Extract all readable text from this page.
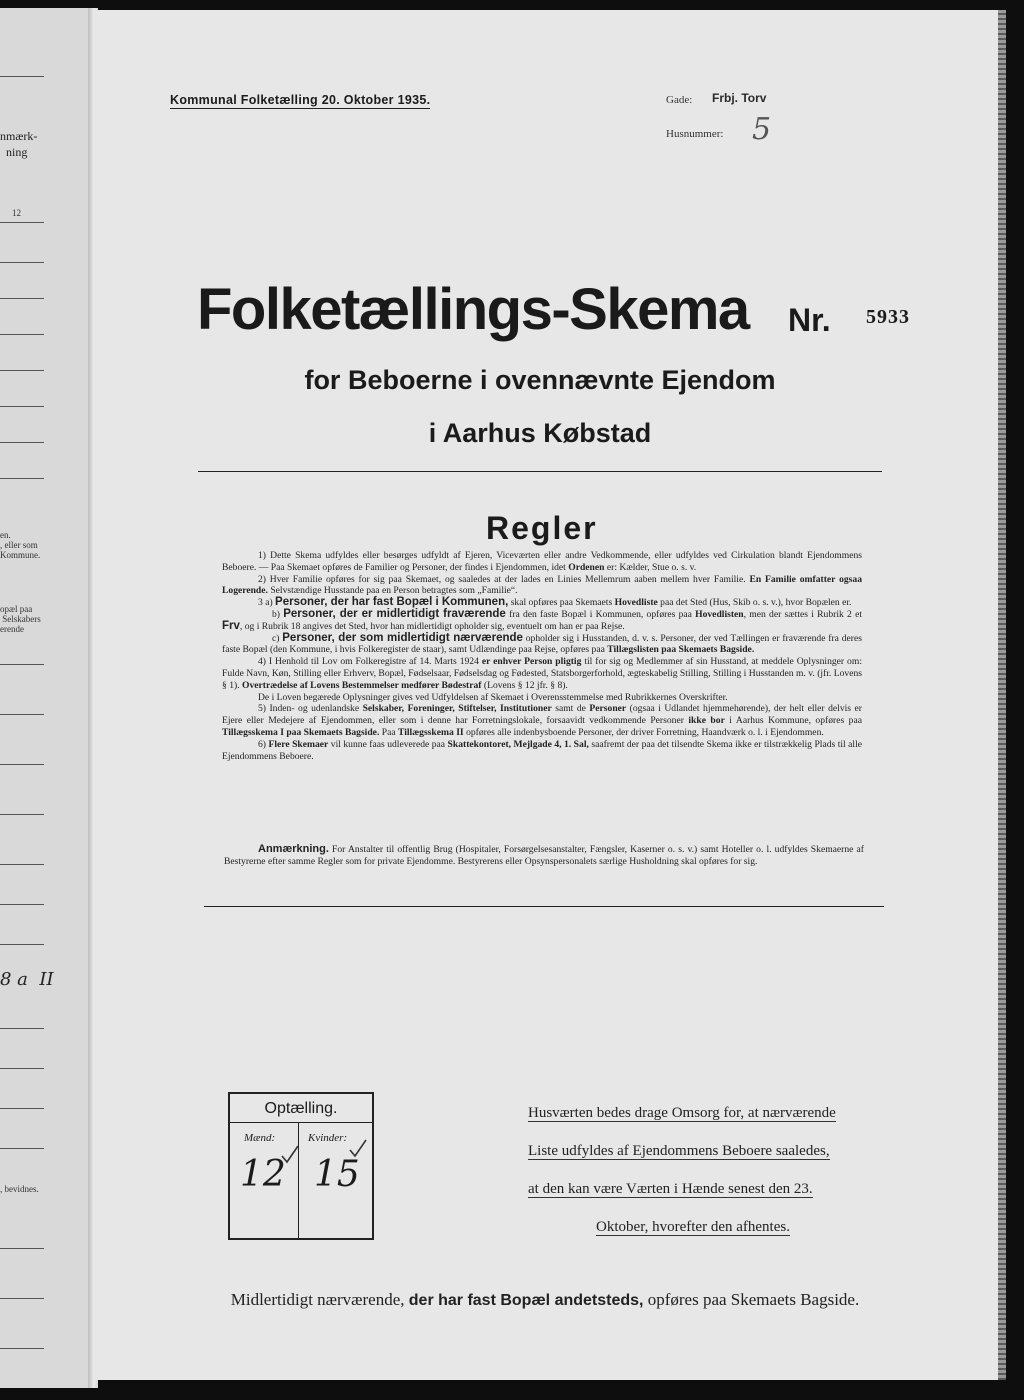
nmærk-
ning
12
en.
, eller som
Kommune.
opæl paa
Selskabers
erende
8 a  II
, bevidnes.
Kommunal Folketælling 20. Oktober 1935.	Gade: Frbj. Torv
Husnummer: 5
Folketællings-Skema Nr. 5933
for Beboerne i ovennævnte Ejendom
i Aarhus Købstad
Regler

1) Dette Skema udfyldes eller besørges udfyldt af Ejeren, Viceværten eller andre Vedkommende, eller udfyldes ved Cirkulation blandt Ejendommens Beboere. — Paa Skemaet opføres de Familier og Personer, der findes i Ejendommen, idet Ordenen er: Kælder, Stue o. s. v.

2) Hver Familie opføres for sig paa Skemaet, og saaledes at der lades en Linies Mellemrum aaben mellem hver Familie. En Familie omfatter ogsaa Logerende. Selvstændige Husstande paa en Person betragtes som „Familie“.

3 a) Personer, der har fast Bopæl i Kommunen, skal opføres paa Skemaets Hovedliste paa det Sted (Hus, Skib o. s. v.), hvor Bopælen er.

b) Personer, der er midlertidigt fraværende fra den faste Bopæl i Kommunen, opføres paa Hovedlisten, men der sættes i Rubrik 2 et Frv, og i Rubrik 18 angives det Sted, hvor han midlertidigt opholder sig, eventuelt om han er paa Rejse.

c) Personer, der som midlertidigt nærværende opholder sig i Husstanden, d. v. s. Personer, der ved Tællingen er fraværende fra deres faste Bopæl (den Kommune, i hvis Folkeregister de staar), samt Udlændinge paa Rejse, opføres paa Tillægslisten paa Skemaets Bagside.

4) I Henhold til Lov om Folkeregistre af 14. Marts 1924 er enhver Person pligtig til for sig og Medlemmer af sin Husstand, at meddele Oplysninger om: Fulde Navn, Køn, Stilling eller Erhverv, Bopæl, Fødselsaar, Fødselsdag og Fødested, Statsborgerforhold, ægteskabelig Stilling, Stilling i Husstanden m. v. (jfr. Lovens § 1). Overtrædelse af Lovens Bestemmelser medfører Bødestraf (Lovens § 12 jfr. § 8).

De i Loven begærede Oplysninger gives ved Udfyldelsen af Skemaet i Overensstemmelse med Rubrikkernes Overskrifter.

5) Inden- og udenlandske Selskaber, Foreninger, Stiftelser, Institutioner samt de Personer (ogsaa i Udlandet hjemmehørende), der helt eller delvis er Ejere eller Medejere af Ejendommen, eller som i denne har Forretningslokale, forsaavidt vedkommende Personer ikke bor i Aarhus Kommune, opføres paa Tillægsskema I paa Skemaets Bagside. Paa Tillægsskema II opføres alle indenbysboende Personer, der driver Forretning, Haandværk o. l. i Ejendommen.

6) Flere Skemaer vil kunne faas udleverede paa Skattekontoret, Mejlgade 4, 1. Sal, saafremt der paa det tilsendte Skema ikke er tilstrækkelig Plads til alle Ejendommens Beboere.

Anmærkning. For Anstalter til offentlig Brug (Hospitaler, Forsørgelsesanstalter, Fængsler, Kaserner o. s. v.) samt Hoteller o. l. udfyldes Skemaerne af Bestyrerne efter samme Regler som for private Ejendomme. Bestyrerens eller Opsynspersonalets særlige Husholdning skal opføres for sig.
Optælling.
Mænd:	Kvinder:
12 15
Husværten bedes drage Omsorg for, at nærværende
Liste udfyldes af Ejendommens Beboere saaledes,
at den kan være Værten i Hænde senest den 23.
Oktober, hvorefter den afhentes.
Midlertidigt nærværende, der har fast Bopæl andetsteds, opføres paa Skemaets Bagside.
